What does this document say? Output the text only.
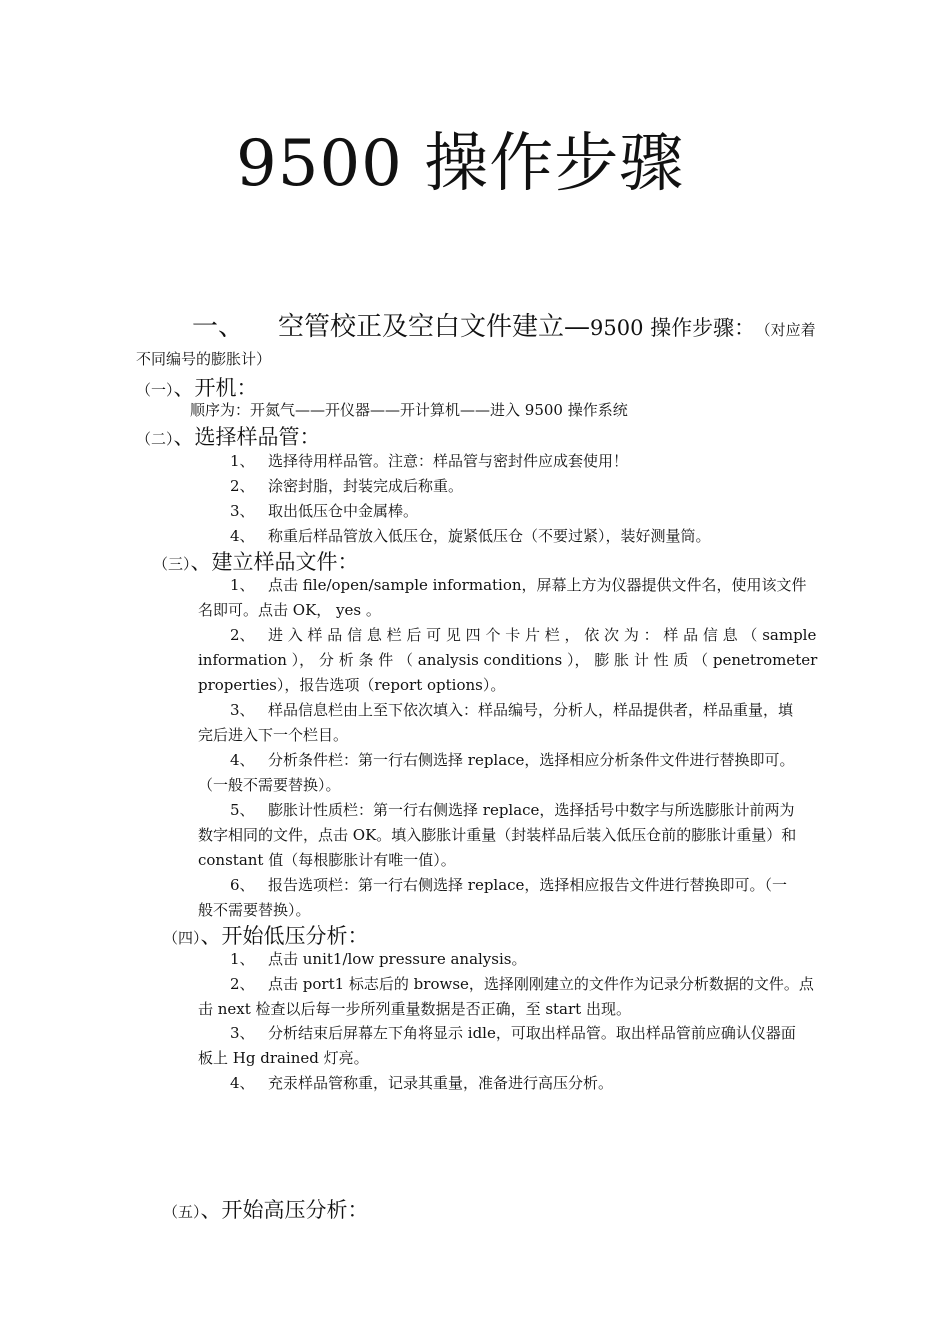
9500 操作步骤
一、 空管校正及空白文件建立—9500 操作步骤： （对应着
不同编号的膨胀计）
（一）、开机：
顺序为：开氮气——开仪器——开计算机——进入 9500 操作系统
（二）、选择样品管：
1、 选择待用样品管。注意：样品管与密封件应成套使用！
2、 涂密封脂，封装完成后称重。
3、 取出低压仓中金属棒。
4、 称重后样品管放入低压仓，旋紧低压仓（不要过紧），装好测量筒。
（三）、建立样品文件：
1、 点击 file/open/sample information，屏幕上方为仪器提供文件名，使用该文件
名即可。点击 OK， yes 。
2、 进 入 样 品 信 息 栏 后 可 见 四 个 卡 片 栏 ， 依 次 为 ： 样 品 信 息 （ sample
information ）， 分 析 条 件 （ analysis conditions ）， 膨 胀 计 性 质 （ penetrometer
properties），报告选项（report options）。
3、 样品信息栏由上至下依次填入：样品编号，分析人，样品提供者，样品重量，填
完后进入下一个栏目。
4、 分析条件栏：第一行右侧选择 replace，选择相应分析条件文件进行替换即可。
（一般不需要替换）。
5、 膨胀计性质栏：第一行右侧选择 replace，选择括号中数字与所选膨胀计前两为
数字相同的文件，点击 OK。填入膨胀计重量（封装样品后装入低压仓前的膨胀计重量）和
constant 值（每根膨胀计有唯一值）。
6、 报告选项栏：第一行右侧选择 replace，选择相应报告文件进行替换即可。（一
般不需要替换）。
（四）、开始低压分析：
1、 点击 unit1/low pressure analysis。
2、 点击 port1 标志后的 browse，选择刚刚建立的文件作为记录分析数据的文件。点
击 next 检查以后每一步所列重量数据是否正确，至 start 出现。
3、 分析结束后屏幕左下角将显示 idle，可取出样品管。取出样品管前应确认仪器面
板上 Hg drained 灯亮。
4、 充汞样品管称重，记录其重量，准备进行高压分析。
（五）、开始高压分析：
